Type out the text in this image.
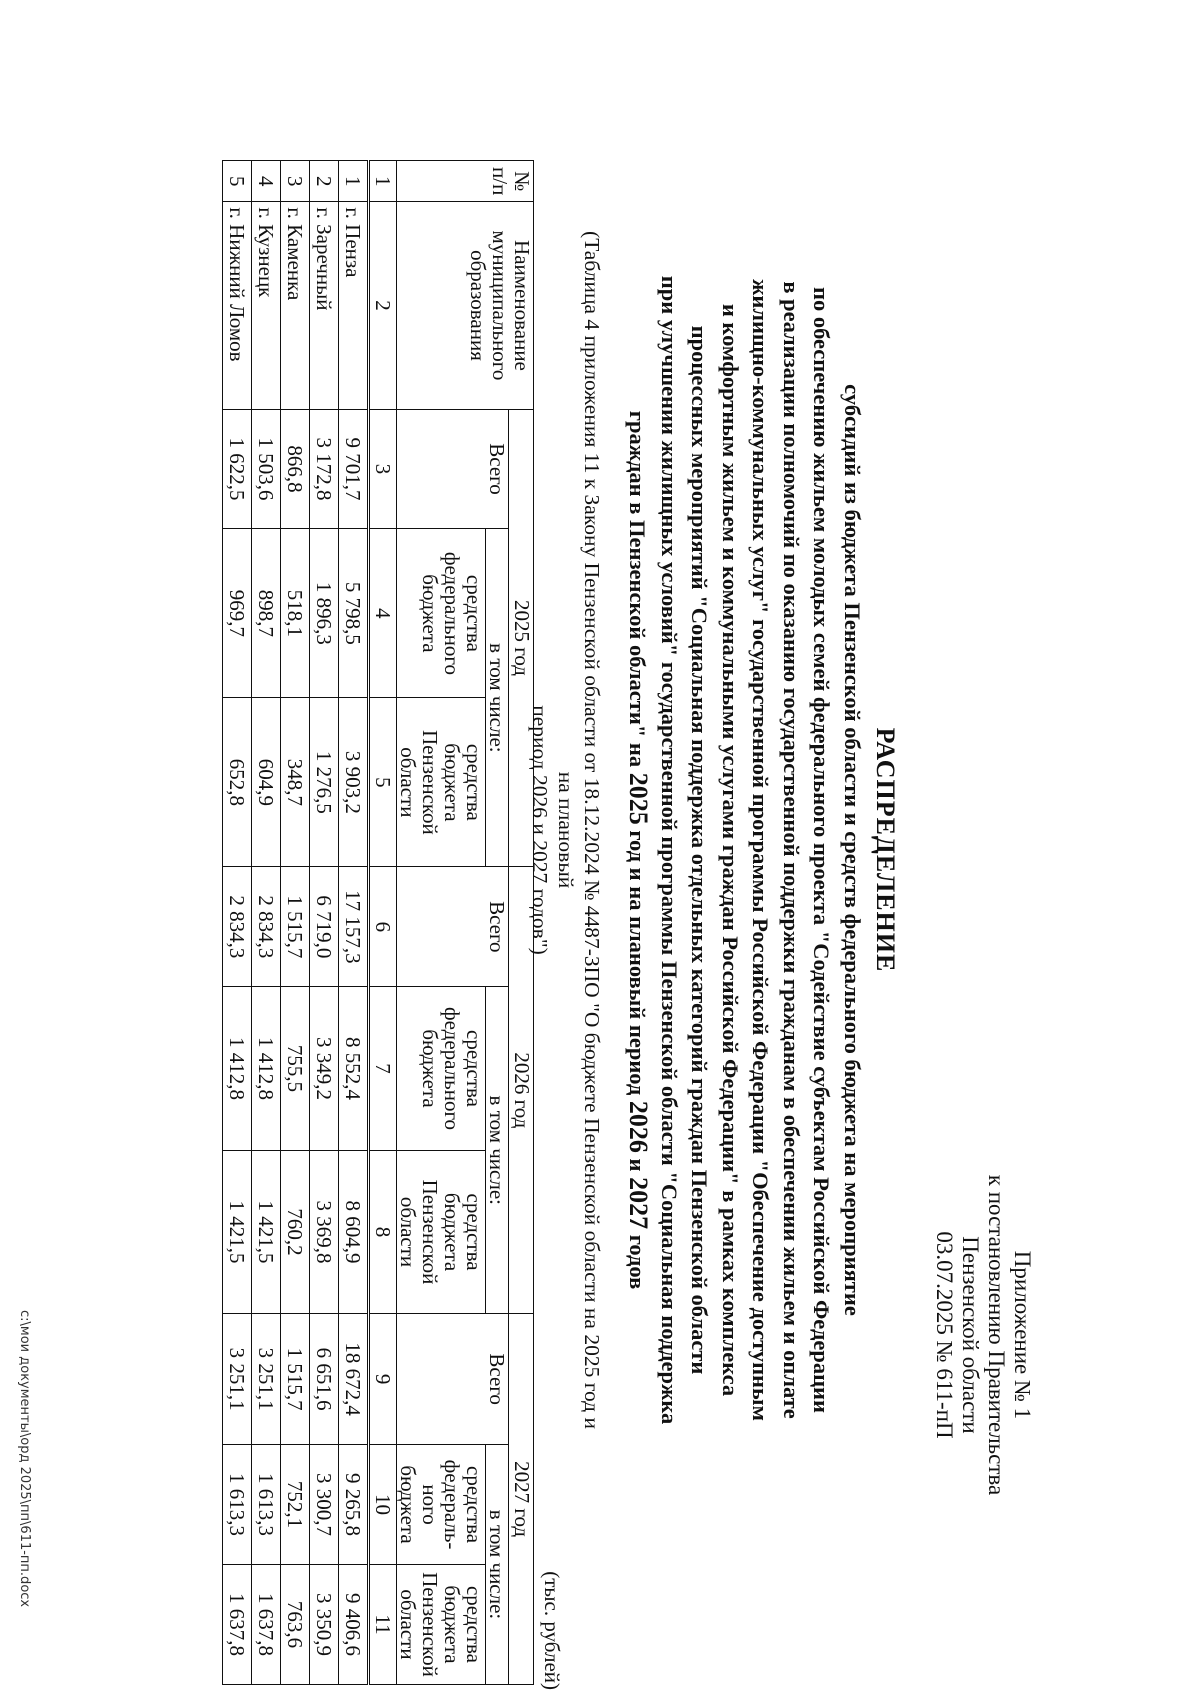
Приложение № 1
к постановлению Правительства
Пензенской области
03.07.2025 № 611-пП
РАСПРЕДЕЛЕНИЕ
субсидий из бюджета Пензенской области и средств федерального бюджета на мероприятие
по обеспечению жильем молодых семей федерального проекта "Содействие субъектам Российской Федерации
в реализации полномочий по оказанию государственной поддержки гражданам в обеспечении жильем и оплате
жилищно-коммунальных услуг" государственной программы Российской Федерации "Обеспечение доступным
и комфортным жильем и коммунальными услугами граждан Российской Федерации" в рамках комплекса
процессных мероприятий "Социальная поддержка отдельных категорий граждан Пензенской области
при улучшении жилищных условий" государственной программы Пензенской области "Социальная поддержка
граждан в Пензенской области" на 2025 год и на плановый период 2026 и 2027 годов
(Таблица 4 приложения 11 к Закону Пензенской области от 18.12.2024 № 4487-ЗПО "О бюджете Пензенской области на 2025 год и на плановый
период 2026 и 2027 годов")
(тыс. рублей)
№ п/п	Наименование муниципального образования	2025 год			2026 год			2027 год		
		Всего	в том числе:		Всего	в том числе:		Всего	в том числе:	
			средства федерального бюджета	средства бюджета Пензенской области		средства федерального бюджета	средства бюджета Пензенской области		средства федераль-ного бюджета	средства бюджета Пензенской области
1	2	3	4	5	6	7	8	9	10	11
1	г. Пенза	9 701,7	5 798,5	3 903,2	17 157,3	8 552,4	8 604,9	18 672,4	9 265,8	9 406,6
2	г. Заречный	3 172,8	1 896,3	1 276,5	6 719,0	3 349,2	3 369,8	6 651,6	3 300,7	3 350,9
3	г. Каменка	866,8	518,1	348,7	1 515,7	755,5	760,2	1 515,7	752,1	763,6
4	г. Кузнецк	1 503,6	898,7	604,9	2 834,3	1 412,8	1 421,5	3 251,1	1 613,3	1 637,8
5	г. Нижний Ломов	1 622,5	969,7	652,8	2 834,3	1 412,8	1 421,5	3 251,1	1 613,3	1 637,8
c:\мои документы\орд 2025\пп\611-пп.docx
